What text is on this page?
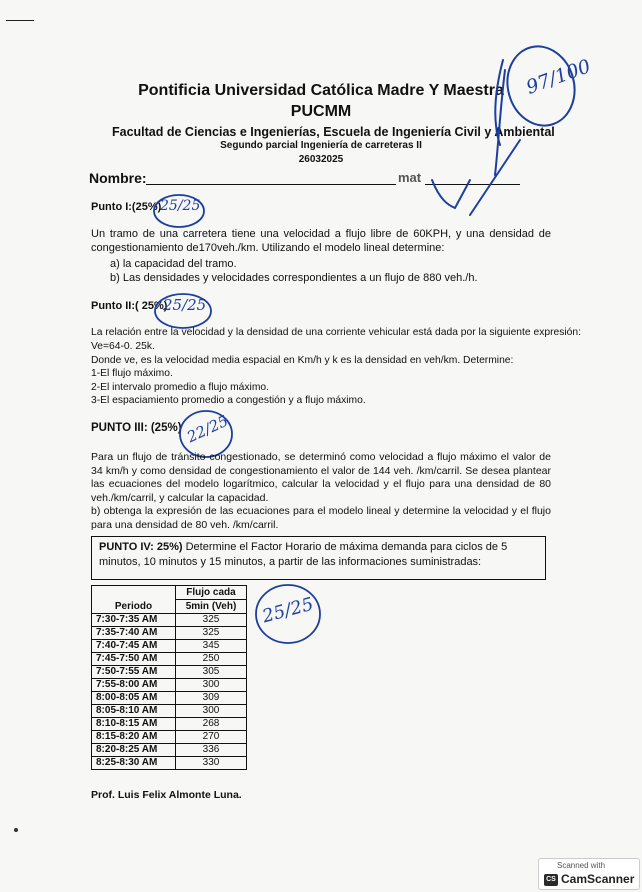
Pontificia Universidad Católica Madre Y Maestra
PUCMM
Facultad de Ciencias e Ingenierías, Escuela de Ingeniería Civil y Ambiental
Segundo parcial Ingeniería de carreteras II
26032025
Nombre:	mat
97/100
Punto I:(25%)
25/25
Un tramo de una carretera tiene una velocidad a flujo libre de 60KPH, y una densidad de congestionamiento de170veh./km. Utilizando el modelo lineal determine:
a) la capacidad del tramo.
b) Las densidades y velocidades correspondientes a un flujo de 880 veh./h.
Punto II:( 25%)
25/25
La relación entre la velocidad y la densidad de una corriente vehicular está dada por la siguiente expresión:
Ve=64-0. 25k.
Donde ve, es la velocidad media espacial en Km/h y k es la densidad en veh/km. Determine:
1-El flujo máximo.
2-El intervalo promedio a flujo máximo.
3-El espaciamiento promedio a congestión y a flujo máximo.
PUNTO III: (25%) 22/25
Para un flujo de tránsito congestionado, se determinó como velocidad a flujo máximo el valor de 34 km/h y como densidad de congestionamiento el valor de 144 veh. /km/carril. Se desea plantear las ecuaciones del modelo logarítmico, calcular la velocidad y el flujo para una densidad de 80 veh./km/carril, y calcular la capacidad.
b) obtenga la expresión de las ecuaciones para el modelo lineal y determine la velocidad y el flujo para una densidad de 80 veh. /km/carril.
PUNTO IV: 25%) Determine el Factor Horario de máxima demanda para ciclos de 5 minutos, 10 minutos y 15 minutos, a partir de las informaciones suministradas:
Periodo	Flujo cada
	5min (Veh)
7:30-7:35 AM	325
7:35-7:40 AM	325
7:40-7:45 AM	345
7:45-7:50 AM	250
7:50-7:55 AM	305
7:55-8:00 AM	300
8:00-8:05 AM	309
8:05-8:10 AM	300
8:10-8:15 AM	268
8:15-8:20 AM	270
8:20-8:25 AM	336
8:25-8:30 AM	330
25/25
Prof. Luis Felix Almonte Luna.
Scanned with
CS CamScanner
